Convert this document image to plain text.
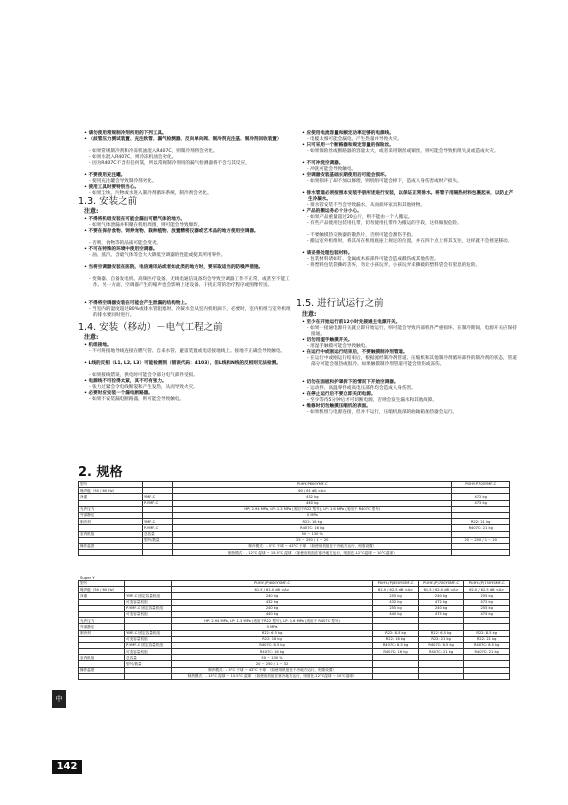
1.3. 安装之前
注意:
1.4. 安装（移动）－电气工程之前
注意:
1.5. 进行试运行之前
注意:
2. 规格
型号		PUHY-P600YMF-C	PUHY-P700YMF-C
噪声级（50 / 60 Hz）		60 / 61 dB <A>	
净重	YMF-C	432 kg	472 kg
	P-YMF-C	440 kg	475 kg
允许压力		HP: 2.94 MPa, LP: 1.3 MPa (适用于R22 型号), LP: 1.6 MPa (适用于 R407C 型号)	
外部静压		0 MPa	
制冷剂	YMF-C	R22: 16 kg	R22: 21 kg
	P-YMF-C	R407C: 16 kg	R407C: 21 kg
室内机组	总容量	50 ~ 130 %	
	型号/数量	25 ~ 250 / 1 ~ 20	25 ~ 250 / 1 ~ 20
操作温度		制冷模式：- 5°C 干球 ~ 43°C 干球　（如使用机组在干冷地方运行，则需设置）	
		制热模式：- 12°C 湿球 ~ 15.5°C 湿球　（如使用机组在寒冷地方运行，则需在-12°C湿球 ~ 10°C湿球）	
Super Y
型号		PUHY-(P)600YSMF-C	PUHY-(P)650YSMF-C	PUHY-(P)700YSMF-C	PUHY-(P)750YSMF-C
噪声级（50 / 60 Hz）		61.5 / 62.0 dB <A>	62.0 / 62.5 dB <A>	61.5 / 62.0 dB <A>	62.0 / 62.5 dB <A>
净重	YMF-C 固定容量机组	240 kg	255 kg	240 kg	255 kg
	可变容量机组	432 kg	432 kg	472 kg	472 kg
	P-YMF-C 固定容量机组	240 kg	255 kg	240 kg	255 kg
	可变容量机组	440 kg	440 kg	475 kg	475 kg
允许压力		HP: 2.94 MPa, LP: 1.3 MPa (适用于R22 型号), LP: 1.6 MPa (适用于 R407C 型号)			
外部静压		0 MPa			
制冷剂	YMF-C 固定容量机组	R22: 6.5 kg	R22: 8.5 kg	R22: 6.5 kg	R22: 8.5 kg
	可变容量机组	R22: 16 kg	R22: 16 kg	R22: 21 kg	R22: 21 kg
	P-YMF-C 固定容量机组	R407C: 6.5 kg	R407C: 8.5 kg	R407C: 6.5 kg	R407C: 8.5 kg
	可变容量机组	R407C: 16 kg	R407C: 16 kg	R407C: 21 kg	R407C: 21 kg
室内机组	总容量	50 ~ 130 %			
	型号/数量	20 ~ 250 / 1 ~ 32			
操作温度		制冷模式：- 5°C 干球 ~ 43°C 干球　（如使用机组在干冷地方运行，则需设置）			
		制热模式：- 15°C 湿球 ~ 15.5°C 湿球　（如使用机组在寒冷地方运行，则需在-12°C湿球 ~ 10°C湿球）			
中
142
• 请勿使用常规制冷剂所用的下列工具。
• （歧管压力测试装置、充注软管、漏气检测器、反向单向阀、制冷剂充注基、制冷剂回收装置）
- 如果常规制冷剂和冷冻机油混入R407C，则制冷剂将会劣化。
- 如果水混入R407C，则冷冻机油会劣化。
- 因为R407C不含有任何氯，所以常规制冷剂用的漏气检测器将不会与其反应。
• 不要使用充注罐。
- 使用充注罐会导致制冷剂劣化。
• 使用工具时要特别当心。
- 如果尘埃、污物或水进入制冷剂循环系统，制冷剂会劣化。
• 不得将机组安装在可能会漏出可燃气体的地方。
- 如果气体泄漏并积聚在机组周围，则可能会导致爆炸。
• 不要在保存食物、饲养宠物、栽种植物、放置精密仪器或艺术品的地方使用空调器。
- 否则，食物等的品质可能会变劣。
• 不可在特殊的环境中使用空调器。
- 油、蒸汽、含硫气体等会大大降低空调器的性能或使其所用零件。
• 当将空调器安装在医院、电信通讯站或者如此类的地方时，要采取适当的防噪声措施。
- 变频器、自备发电机、高频医疗设备、无线电通信设备均会导致空调器工作不正常，或甚至不能工作。另一方面，空调器产生的噪声也会影响上述设备。干扰正常的治疗程序或图像传送。
• 不得将空调器安装在可能会产生泄漏的结构物上。
- 当室内的湿度超过80%或排水管阻塞时，冷凝水会从室内机组滴下。必要时，室内机组与室外机组的排水要同时进行。
• 机组接地。
- 不可将接地导线连接在燃气管、自来水管、避雷装置或电话接地线上。接地不正确会导致触电。
• L线的反相（L1, L2, L3）可能检测到（错误代码：4103），但L线和N线的反相则无法检测。
- 如果接线错误，供电时可能会令部分电气部件受损。
• 电源线不可拉得太紧，其不可有张力。
- 张力过紧会令电线断裂和产生发热，从而导致火灾。
• 必要时应安装一个漏电断路器。
- 如果不安装漏电断路器，则可能会导致触电。
• 应使用电流容量和额定功率足够的电源线。
- 电缆太细可能会漏电、产生热量并导致火灾。
• 只可采用一个断路器和规定容量的保险丝。
- 如果保险丝或断路器的容量太大，或者采用钢丝或铜丝，则可能会导致机组失灵或造成火灾。
• 不可冲洗空调器。
- 冲洗可能会导致触电。
• 空调器安装基础长期使用后可能会损坏。
- 如果损坏了却不加以修理，则机组可能会掉下，造成人身伤害或财产损失。
• 排水管道必须按照本安装手册所述进行安装，以保证正常排水。将管子用隔热材料包裹起来，以防止产生冷凝水。
- 排水管安装不当会导致漏水，从而损坏家具和其他财物。
• 产品的搬运务必十分小心。
- 如果产品重量超过20公斤，则不能由一个人搬运。
- 有些产品使用包装用扎带，切勿使用扎带作为搬运的手段，这样做很危险。
- 不要触摸热交换器的散热片，否则可能会割伤手指。
- 搬运室外机组时，将其吊在机组底座上规定的位置，并在四个点上将其支住，这样就不会摇晃移动。
• 请妥善处理包装材料。
- 包装材料诸如钉、金属或木质部件可能会造成戳伤或其他伤害。
- 将塑料包装袋撕碎丢弃，勿让小孩玩弄。小孩玩弄未撕破的塑料袋会有窒息的危险。
• 至少在开始运行前12小时先接通主电源开关。
- 如果一接通电源开关就立即开始运行，则可能会导致内部机件严重损坏。在制冷期间，电源开关应保持接通。
• 切勿用湿手触摸开关。
- 用湿手触摸可能会导致触电。
• 在运行中或刚运行结束后，不要触摸制冷剂管道。
- 在运行中或刚运行结束后，根据流经制冷剂管道、压缩机和其他制冷剂循环部件的制冷剂的状态，管道部分可能会很热或很冷。如果触摸制冷剂管道可能会烫伤或冻伤。
• 切勿在面板和护罩拆下的情况下开始空调器。
- 运动件、高温零件或高电压部件均会造成人身伤害。
• 在停止运行后不要立即关闭电源。
- 至少等待5分钟后才可切断电源，否则会发生漏水和其他故障。
• 维修时切勿触摸压缩机的表面。
- 如果机组与电源连接，但并不运行，压缩机底部的曲轴箱加热器会运行。
